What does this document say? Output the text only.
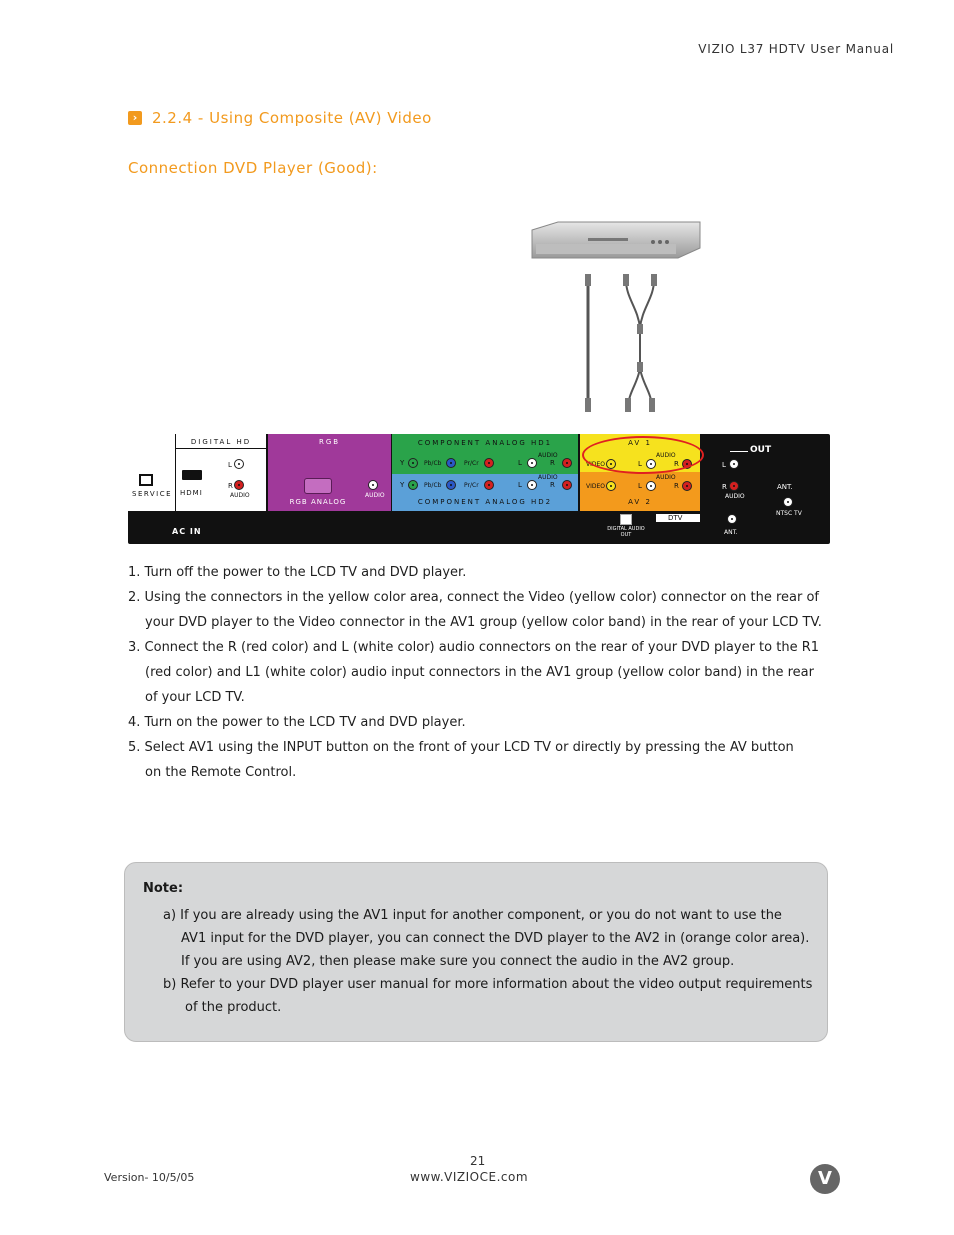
VIZIO L37 HDTV User Manual
› 2.2.4 - Using Composite (AV) Video
Connection DVD Player (Good):
SERVICE
DIGITAL HD
HDMI
L
R
AUDIO
RGB
AUDIO
RGB ANALOG
COMPONENT ANALOG HD1
COMPONENT ANALOG HD2
Y	Pb/Cb	Pr/Cr
AUDIO
L	R
Y	Pb/Cb	Pr/Cr
AUDIO
L	R
AV 1
AV 2
VIDEO
AUDIO
L	R
VIDEO
AUDIO
L	R
OUT
L
R
AUDIO
ANT.
NTSC TV
AC IN	DIGITAL AUDIO OUT
DTV
ANT.

1. Turn off the power to the LCD TV and DVD player.

2. Using the connectors in the yellow color area, connect the Video (yellow color) connector on the rear of
your DVD player to the Video connector in the AV1 group (yellow color band) in the rear of your LCD TV.

3. Connect the R (red color) and L (white color) audio connectors on the rear of your DVD player to the R1
(red color) and L1 (white color) audio input connectors in the AV1 group (yellow color band) in the rear
of your LCD TV.

4. Turn on the power to the LCD TV and DVD player.

5. Select AV1 using the INPUT button on the front of your LCD TV or directly by pressing the AV button
on the Remote Control.

Note:
a) If you are already using the AV1 input for another component, or you do not want to use the
AV1 input for the DVD player, you can connect the DVD player to the AV2 in (orange color area).
If you are using AV2, then please make sure you connect the audio in the AV2 group.
b) Refer to your DVD player user manual for more information about the video output requirements
of the product.
21
Version- 10/5/05	www.VIZIOCE.com	V
